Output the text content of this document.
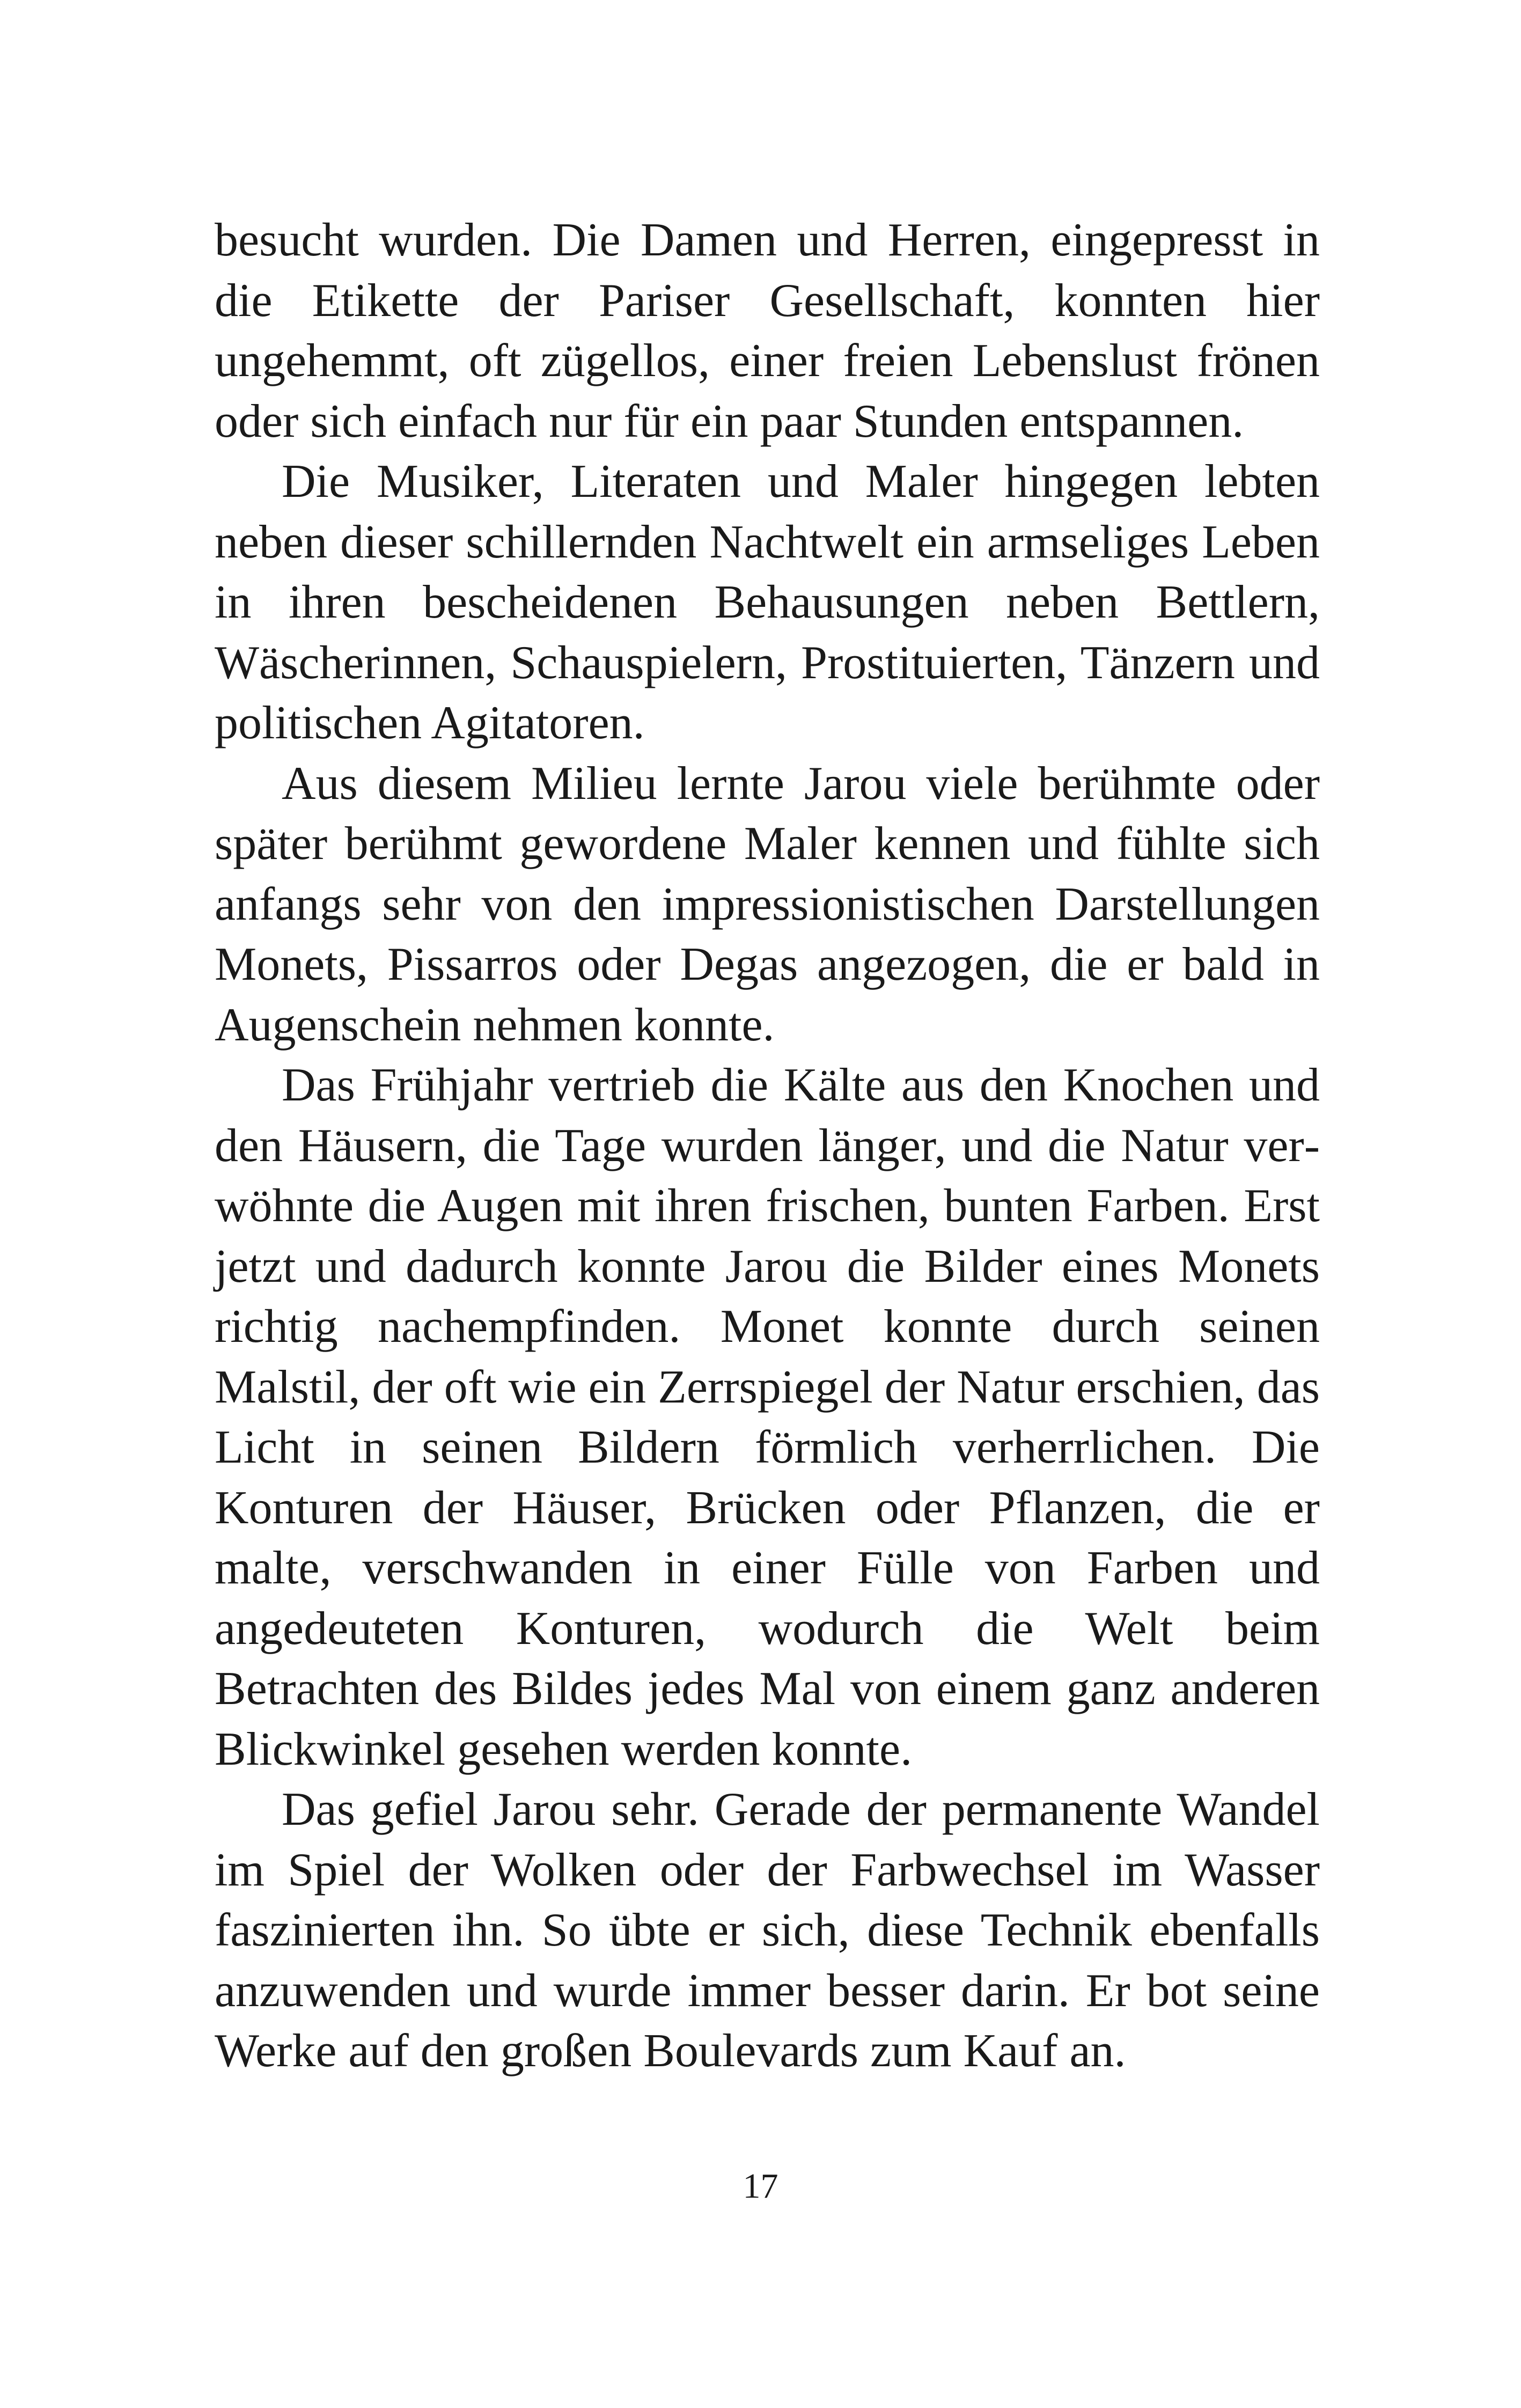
besucht wurden. Die Damen und Herren, eingepresst in die Etikette der Pariser Gesellschaft, konnten hier ungehemmt, oft zügellos, einer freien Lebenslust frönen oder sich einfach nur für ein paar Stunden entspannen.

Die Musiker, Literaten und Maler hingegen lebten neben dieser schillernden Nachtwelt ein armseliges Leben in ihren bescheidenen Behausungen neben Bettlern, Wäscherinnen, Schauspielern, Prostituierten, Tänzern und politischen Agitatoren.

Aus diesem Milieu lernte Jarou viele berühmte oder später berühmt gewordene Maler kennen und fühlte sich anfangs sehr von den impressionistischen Darstellungen Monets, Pissarros oder Degas angezogen, die er bald in Augenschein nehmen konnte.

Das Frühjahr vertrieb die Kälte aus den Knochen und den Häusern, die Tage wurden länger, und die Natur verwöhnte die Augen mit ihren frischen, bunten Farben. Erst jetzt und dadurch konnte Jarou die Bilder eines Monets richtig nachempfinden. Monet konnte durch seinen Malstil, der oft wie ein Zerrspiegel der Natur erschien, das Licht in seinen Bildern förmlich verherrlichen. Die Konturen der Häuser, Brücken oder Pflanzen, die er malte, verschwanden in einer Fülle von Farben und angedeuteten Konturen, wodurch die Welt beim Betrachten des Bildes jedes Mal von einem ganz anderen Blickwinkel gesehen werden konnte.

Das gefiel Jarou sehr. Gerade der permanente Wandel im Spiel der Wolken oder der Farbwechsel im Wasser faszinierten ihn. So übte er sich, diese Technik ebenfalls anzuwenden und wurde immer besser darin. Er bot seine Werke auf den großen Boulevards zum Kauf an.

17
